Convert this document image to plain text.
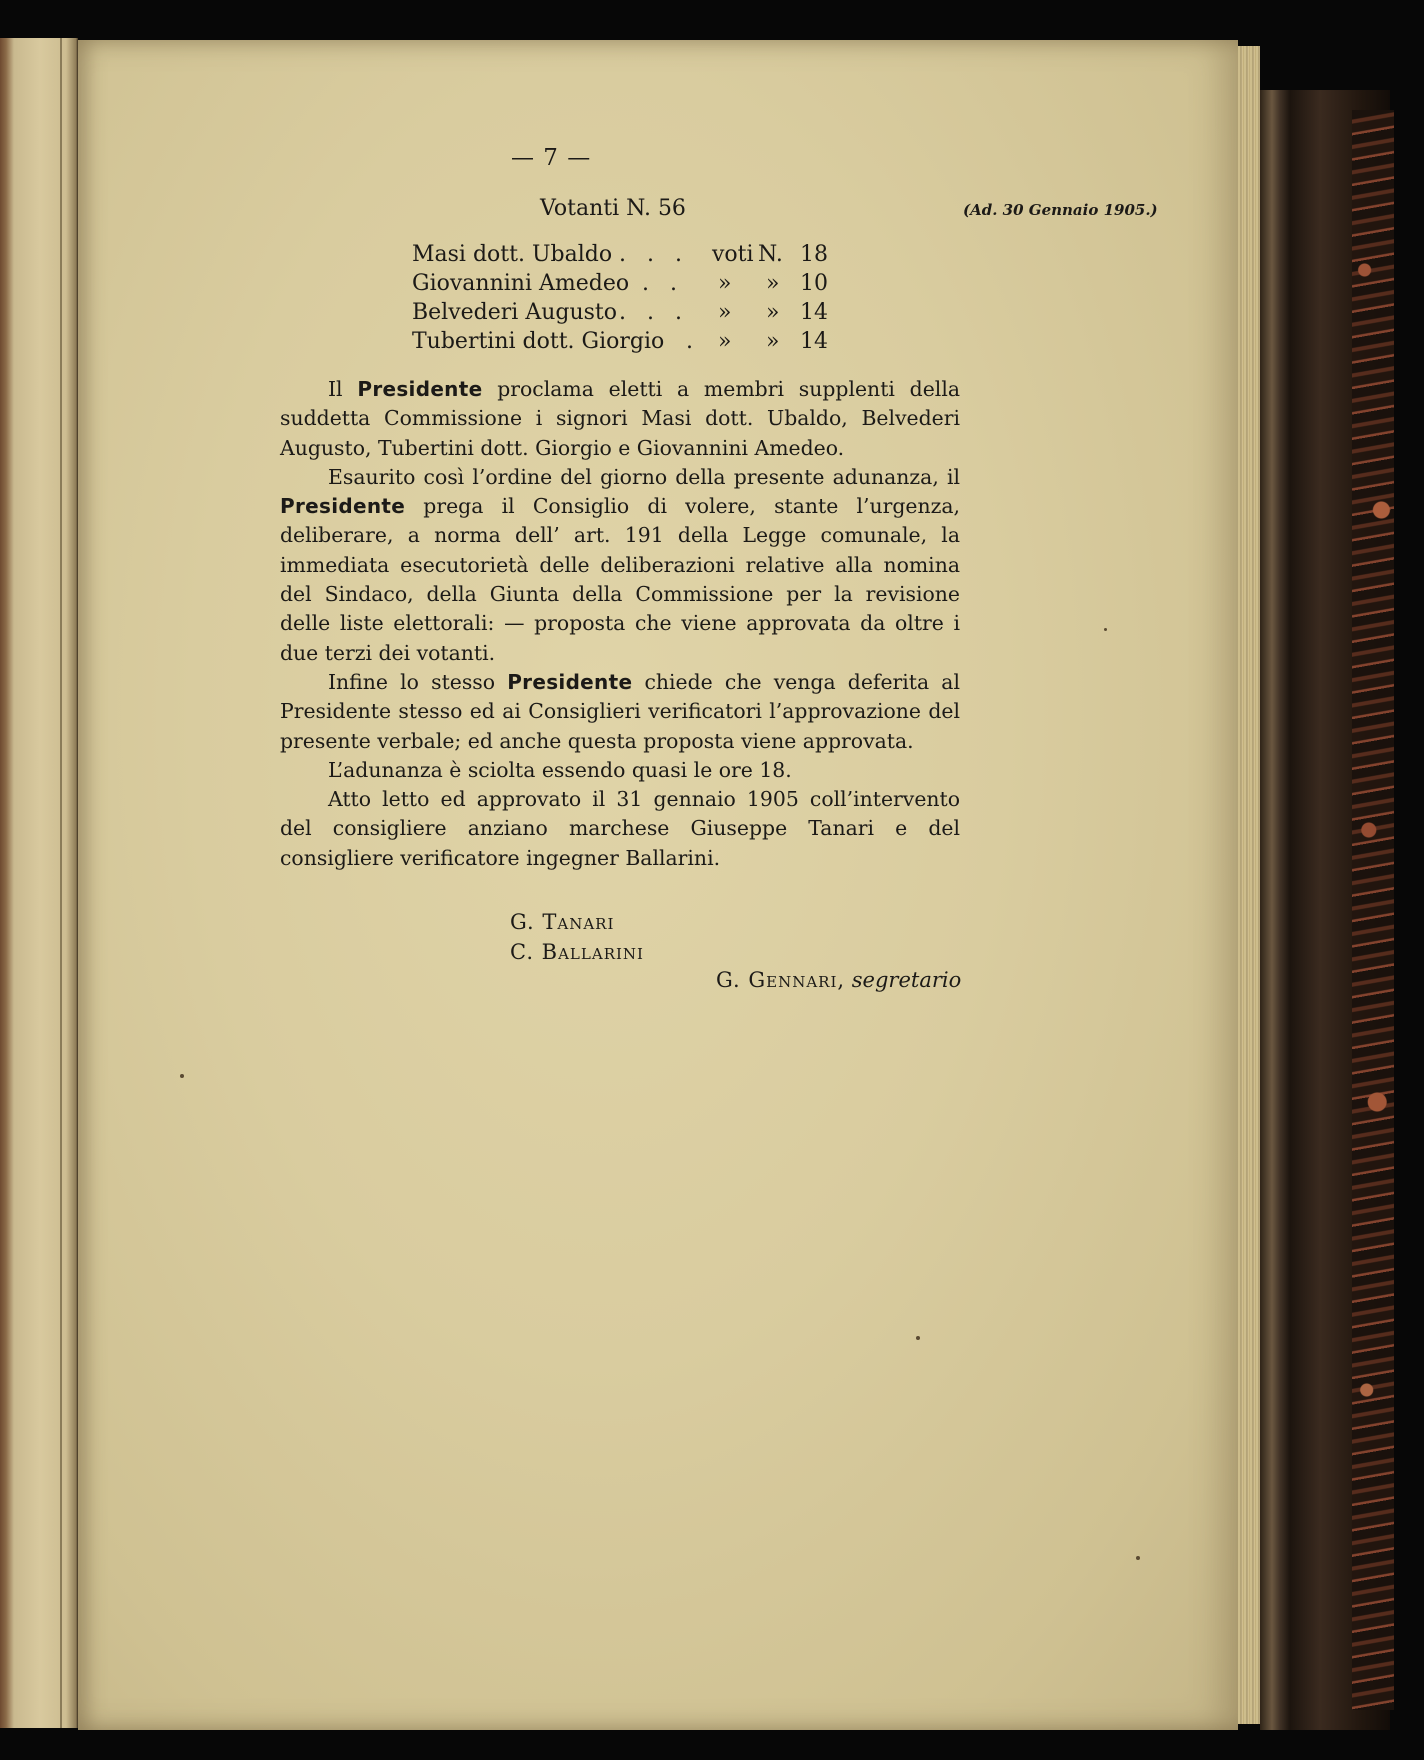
— 7 —
Votanti N. 56	(Ad. 30 Gennaio 1905.)
Masi dott. Ubaldo . . . voti N. 18
Giovannini Amedeo . . » » 10
Belvederi Augusto . . . » » 14
Tubertini dott. Giorgio . » » 14

Il Presidente proclama eletti a membri supplenti della suddetta Commissione i signori Masi dott. Ubaldo, Belvederi Augusto, Tubertini dott. Giorgio e Giovannini Amedeo.

Esaurito così l’ordine del giorno della presente adunanza, il Presidente prega il Consiglio di volere, stante l’urgenza, deliberare, a norma dell’ art. 191 della Legge comunale, la immediata esecutorietà delle deliberazioni relative alla nomina del Sindaco, della Giunta della Commissione per la revisione delle liste elettorali: — proposta che viene approvata da oltre i due terzi dei votanti.

Infine lo stesso Presidente chiede che venga deferita al Presidente stesso ed ai Consiglieri verificatori l’approvazione del presente verbale; ed anche questa proposta viene approvata.

L’adunanza è sciolta essendo quasi le ore 18.

Atto letto ed approvato il 31 gennaio 1905 coll’intervento del consigliere anziano marchese Giuseppe Tanari e del consigliere verificatore ingegner Ballarini.

G. Tanari
C. Ballarini
G. Gennari, segretario
